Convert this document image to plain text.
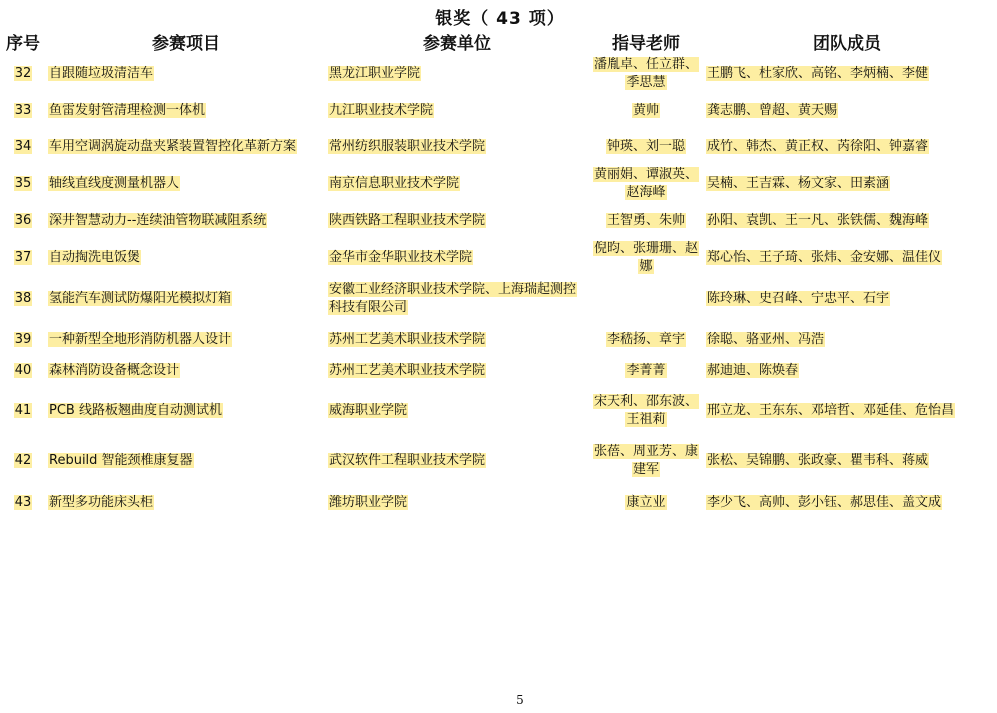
银奖（ 43 项）
序号	参赛项目	参赛单位	指导老师	团队成员
32	自跟随垃圾清洁车	黑龙江职业学院	潘胤卓、任立群、季思慧	王鹏飞、杜家欣、高铭、李炳楠、李健
33	鱼雷发射管清理检测一体机	九江职业技术学院	黄帅	龚志鹏、曾超、黄天赐
34	车用空调涡旋动盘夹紧装置智控化革新方案	常州纺织服装职业技术学院	钟瑛、刘一聪	成竹、韩杰、黄正权、芮徐阳、钟嘉睿
35	轴线直线度测量机器人	南京信息职业技术学院	黄丽娟、谭淑英、赵海峰	吴楠、王吉霖、杨文家、田素涵
36	深井智慧动力--连续油管物联减阻系统	陕西铁路工程职业技术学院	王智勇、朱帅	孙阳、袁凯、王一凡、张铁儒、魏海峰
37	自动掏洗电饭煲	金华市金华职业技术学院	倪昀、张珊珊、赵娜	郑心怡、王子琦、张炜、金安娜、温佳仪
38	氢能汽车测试防爆阳光模拟灯箱	安徽工业经济职业技术学院、上海瑞起测控科技有限公司		陈玲琳、史召峰、宁忠平、石宇
39	一种新型全地形消防机器人设计	苏州工艺美术职业技术学院	李嵇扬、章宇	徐聪、骆亚州、冯浩
40	森林消防设备概念设计	苏州工艺美术职业技术学院	李菁菁	郝迪迪、陈焕春
41	PCB 线路板翘曲度自动测试机	威海职业学院	宋天利、邵东波、王祖莉	邢立龙、王东东、邓培哲、邓延佳、危怡昌
42	Rebuild 智能颈椎康复器	武汉软件工程职业技术学院	张蓓、周亚芳、康建军	张松、吴锦鹏、张政豪、瞿韦科、蒋威
43	新型多功能床头柜	潍坊职业学院	康立业	李少飞、高帅、彭小钰、郝思佳、盖文成
5
